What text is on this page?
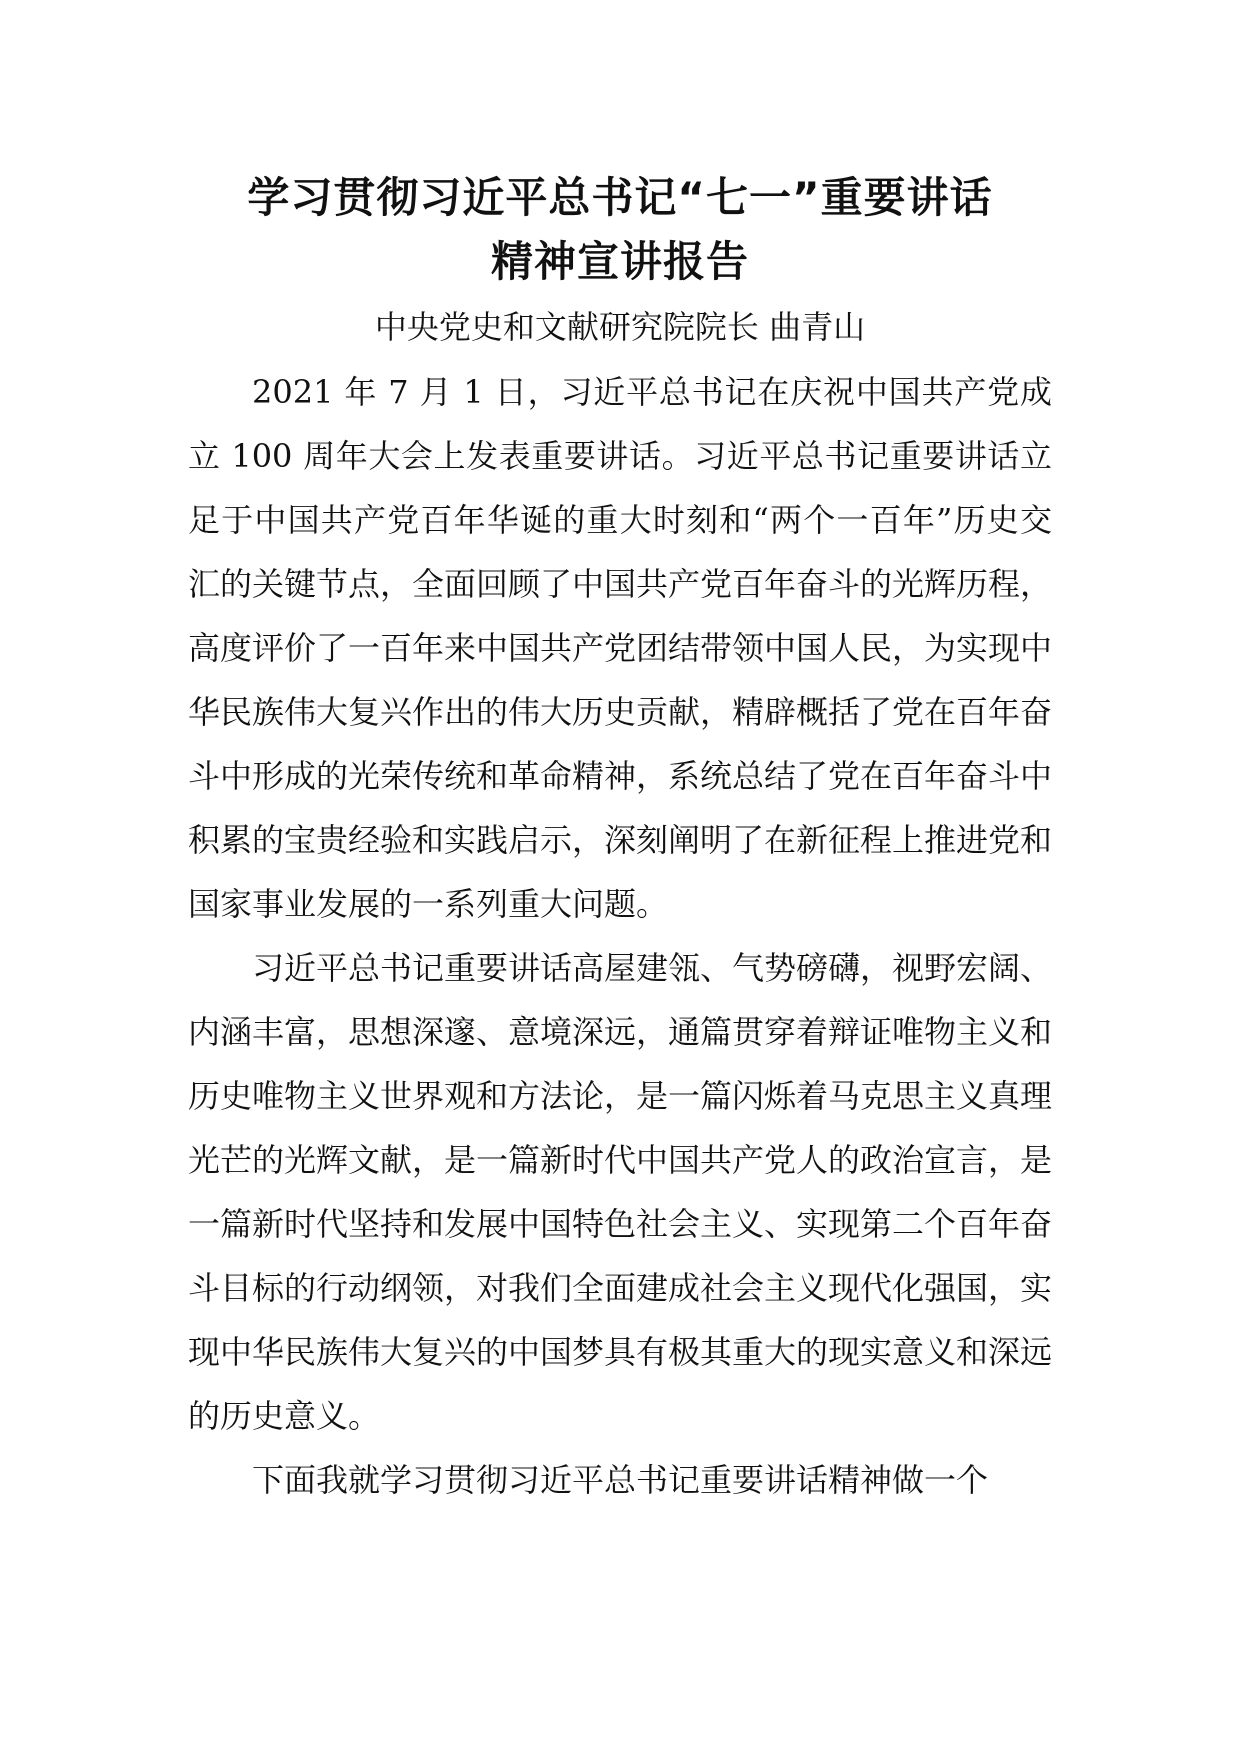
学习贯彻习近平总书记“七一”重要讲话
精神宣讲报告
中央党史和文献研究院院长 曲青山

2021 年 7 月 1 日，习近平总书记在庆祝中国共产党成立 100 周年大会上发表重要讲话。习近平总书记重要讲话立足于中国共产党百年华诞的重大时刻和“两个一百年”历史交汇的关键节点，全面回顾了中国共产党百年奋斗的光辉历程，高度评价了一百年来中国共产党团结带领中国人民，为实现中华民族伟大复兴作出的伟大历史贡献，精辟概括了党在百年奋斗中形成的光荣传统和革命精神，系统总结了党在百年奋斗中积累的宝贵经验和实践启示，深刻阐明了在新征程上推进党和国家事业发展的一系列重大问题。

习近平总书记重要讲话高屋建瓴、气势磅礴，视野宏阔、内涵丰富，思想深邃、意境深远，通篇贯穿着辩证唯物主义和历史唯物主义世界观和方法论，是一篇闪烁着马克思主义真理光芒的光辉文献，是一篇新时代中国共产党人的政治宣言，是一篇新时代坚持和发展中国特色社会主义、实现第二个百年奋斗目标的行动纲领，对我们全面建成社会主义现代化强国，实现中华民族伟大复兴的中国梦具有极其重大的现实意义和深远的历史意义。

下面我就学习贯彻习近平总书记重要讲话精神做一个
